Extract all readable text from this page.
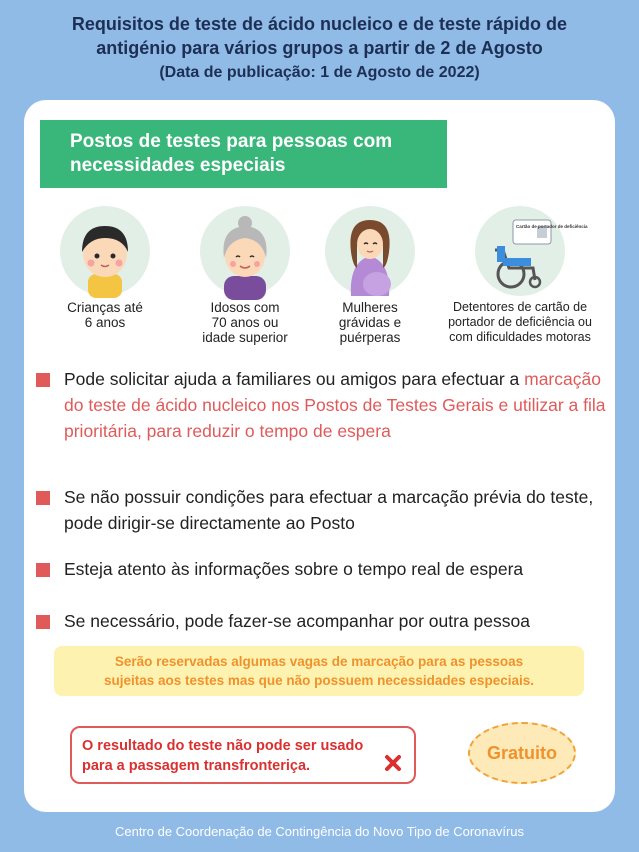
Requisitos de teste de ácido nucleico e de teste rápido de
antigénio para vários grupos a partir de 2 de Agosto
(Data de publicação: 1 de Agosto de 2022)
Postos de testes para pessoas com
necessidades especiais
Crianças até
6 anos
Idosos com
70 anos ou
idade superior
Mulheres
grávidas e
puérperas
Cartão de portador de deficiência
Detentores de cartão de
portador de deficiência ou
com dificuldades motoras
Pode solicitar ajuda a familiares ou amigos para efectuar a marcação do teste de ácido nucleico nos Postos de Testes Gerais e utilizar a fila prioritária, para reduzir o tempo de espera
Se não possuir condições para efectuar a marcação prévia do teste, pode dirigir-se directamente ao Posto
Esteja atento às informações sobre o tempo real de espera
Se necessário, pode fazer-se acompanhar por outra pessoa
Serão reservadas algumas vagas de marcação para as pessoas
sujeitas aos testes mas que não possuem necessidades especiais.
O resultado do teste não pode ser usado
para a passagem transfronteriça.
Gratuito
Centro de Coordenação de Contingência do Novo Tipo de Coronavírus
